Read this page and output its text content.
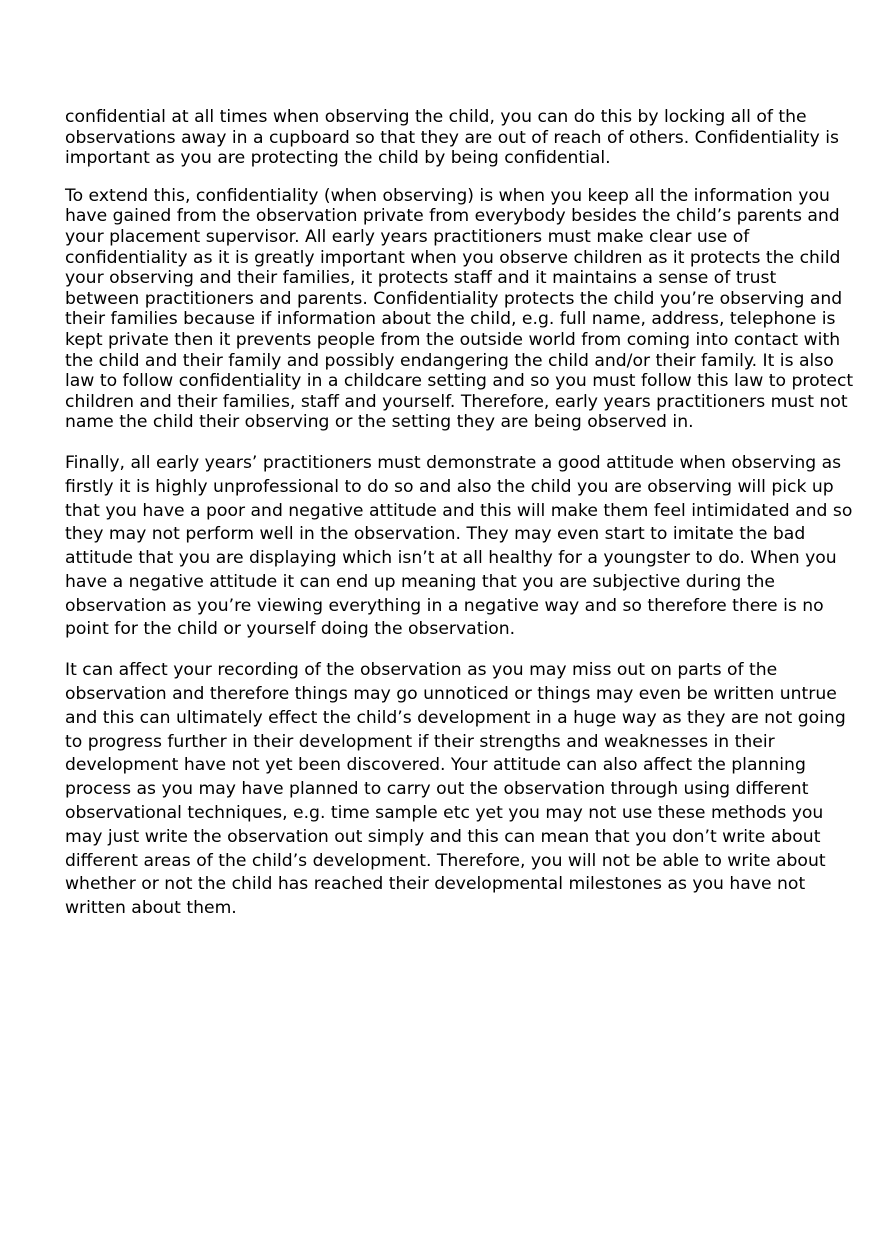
confidential at all times when observing the child, you can do this by locking all of the observations away in a cupboard so that they are out of reach of others. Confidentiality is important as you are protecting the child by being confidential.

To extend this, confidentiality (when observing) is when you keep all the information you have gained from the observation private from everybody besides the child’s parents and your placement supervisor. All early years practitioners must make clear use of confidentiality as it is greatly important when you observe children as it protects the child your observing and their families, it protects staff and it maintains a sense of trust between practitioners and parents. Confidentiality protects the child you’re observing and their families because if information about the child, e.g. full name, address, telephone is kept private then it prevents people from the outside world from coming into contact with the child and their family and possibly endangering the child and/or their family. It is also law to follow confidentiality in a childcare setting and so you must follow this law to protect children and their families, staff and yourself. Therefore, early years practitioners must not name the child their observing or the setting they are being observed in.

Finally, all early years’ practitioners must demonstrate a good attitude when observing as firstly it is highly unprofessional to do so and also the child you are observing will pick up that you have a poor and negative attitude and this will make them feel intimidated and so they may not perform well in the observation. They may even start to imitate the bad attitude that you are displaying which isn’t at all healthy for a youngster to do. When you have a negative attitude it can end up meaning that you are subjective during the observation as you’re viewing everything in a negative way and so therefore there is no point for the child or yourself doing the observation.

It can affect your recording of the observation as you may miss out on parts of the observation and therefore things may go unnoticed or things may even be written untrue and this can ultimately effect the child’s development in a huge way as they are not going to progress further in their development if their strengths and weaknesses in their development have not yet been discovered. Your attitude can also affect the planning process as you may have planned to carry out the observation through using different observational techniques, e.g. time sample etc yet you may not use these methods you may just write the observation out simply and this can mean that you don’t write about different areas of the child’s development. Therefore, you will not be able to write about whether or not the child has reached their developmental milestones as you have not written about them.
